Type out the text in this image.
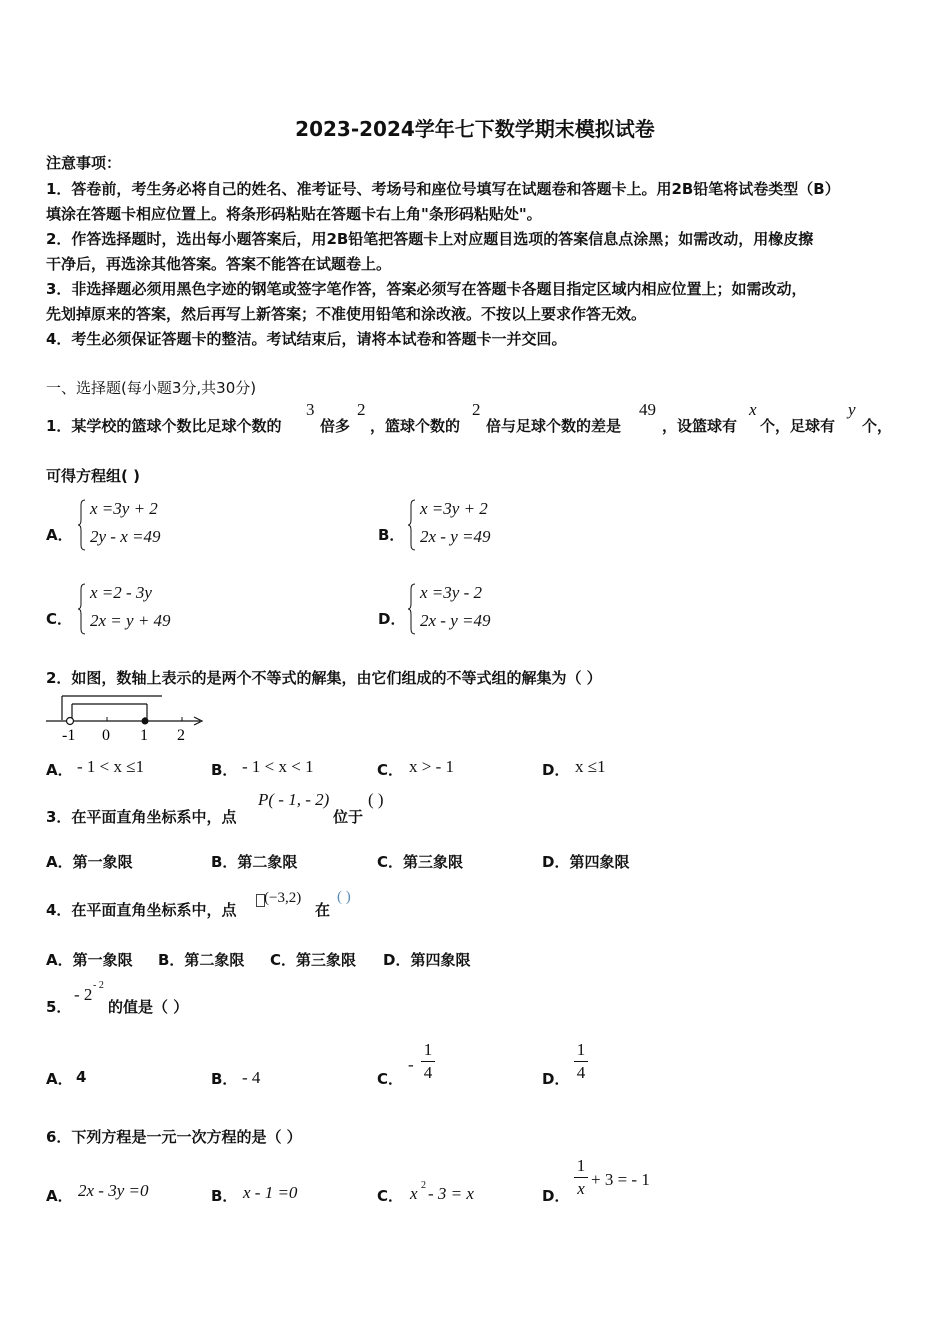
2023-2024学年七下数学期末模拟试卷
注意事项：
1．答卷前，考生务必将自己的姓名、准考证号、考场号和座位号填写在试题卷和答题卡上。用2B铅笔将试卷类型（B）
填涂在答题卡相应位置上。将条形码粘贴在答题卡右上角"条形码粘贴处"。
2．作答选择题时，选出每小题答案后，用2B铅笔把答题卡上对应题目选项的答案信息点涂黑；如需改动，用橡皮擦
干净后，再选涂其他答案。答案不能答在试题卷上。
3．非选择题必须用黑色字迹的钢笔或签字笔作答，答案必须写在答题卡各题目指定区域内相应位置上；如需改动，
先划掉原来的答案，然后再写上新答案；不准使用铅笔和涂改液。不按以上要求作答无效。
4．考生必须保证答题卡的整洁。考试结束后，请将本试卷和答题卡一并交回。
一、选择题(每小题3分,共30分)
1．某学校的篮球个数比足球个数的
3
倍多
2
，篮球个数的
2
倍与足球个数的差是
49
，设篮球有
x
个，足球有
y
个，
可得方程组( )
A．
x =3y + 2
2y - x =49	B．
x =3y + 2
2x - y =49
C．
x =2 - 3y
2x = y + 49	D．
x =3y - 2
2x - y =49
2．如图，数轴上表示的是两个不等式的解集，由它们组成的不等式组的解集为（ ）
-1 0 1 2
A． - 1 < x ≤1	B． - 1 < x < 1	C． x > - 1	D． x ≤1
3．在平面直角坐标系中，点
P( - 1, - 2)
位于
( )
A．第一象限	B．第二象限	C．第三象限	D．第四象限
4．在平面直角坐标系中，点
(−3,2)
在
( )
A．第一象限 B．第二象限 C．第三象限 D．第四象限
5．
- 2 - 2
的值是（ ）
A． 4	B． - 4	C．
-
1
4	D．
1
4
6．下列方程是一元一次方程的是（ ）
A． 2x - 3y =0	B． x - 1 =0	C． x 2 - 3 = x	D．
1
x + 3 = - 1
